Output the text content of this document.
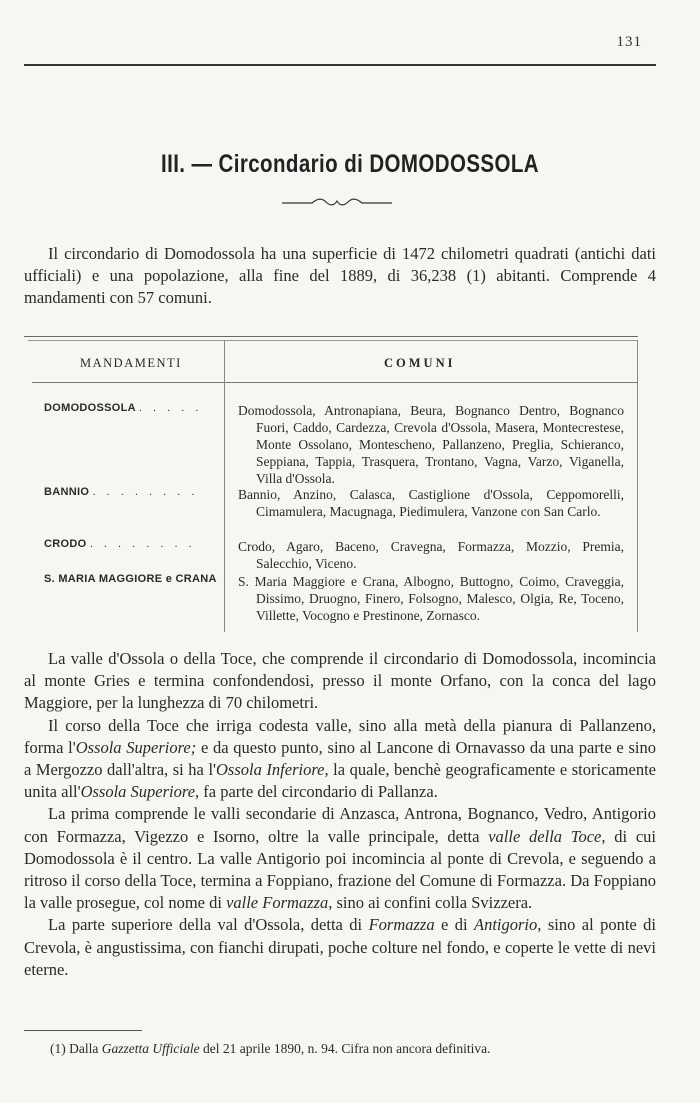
131
III. — Circondario di DOMODOSSOLA

Il circondario di Domodossola ha una superficie di 1472 chilometri quadrati (antichi dati ufficiali) e una popolazione, alla fine del 1889, di 36,238 (1) abitanti. Comprende 4 mandamenti con 57 comuni.

MANDAMENTI	COMUNI
DOMODOSSOLA . . . . .	Domodossola, Antronapiana, Beura, Bognanco Dentro, Bognanco Fuori, Caddo, Cardezza, Crevola d'Ossola, Masera, Montecrestese, Monte Ossolano, Montescheno, Pallanzeno, Preglia, Schieranco, Seppiana, Tappia, Trasquera, Trontano, Vagna, Varzo, Viganella, Villa d'Ossola.
BANNIO . . . . . . . .	Bannio, Anzino, Calasca, Castiglione d'Ossola, Ceppomorelli, Cimamulera, Macugnaga, Piedimulera, Vanzone con San Carlo.
CRODO . . . . . . . .	Crodo, Agaro, Baceno, Cravegna, Formazza, Mozzio, Premia, Salecchio, Viceno.
S. MARIA MAGGIORE e CRANA	S. Maria Maggiore e Crana, Albogno, Buttogno, Coimo, Craveggia, Dissimo, Druogno, Finero, Folsogno, Malesco, Olgia, Re, Toceno, Villette, Vocogno e Prestinone, Zornasco.

La valle d'Ossola o della Toce, che comprende il circondario di Domodossola, incomincia al monte Gries e termina confondendosi, presso il monte Orfano, con la conca del lago Maggiore, per la lunghezza di 70 chilometri.

Il corso della Toce che irriga codesta valle, sino alla metà della pianura di Pallanzeno, forma l'Ossola Superiore; e da questo punto, sino al Lancone di Ornavasso da una parte e sino a Mergozzo dall'altra, si ha l'Ossola Inferiore, la quale, benchè geograficamente e storicamente unita all'Ossola Superiore, fa parte del circondario di Pallanza.

La prima comprende le valli secondarie di Anzasca, Antrona, Bognanco, Vedro, Antigorio con Formazza, Vigezzo e Isorno, oltre la valle principale, detta valle della Toce, di cui Domodossola è il centro. La valle Antigorio poi incomincia al ponte di Crevola, e seguendo a ritroso il corso della Toce, termina a Foppiano, frazione del Comune di Formazza. Da Foppiano la valle prosegue, col nome di valle Formazza, sino ai confini colla Svizzera.

La parte superiore della val d'Ossola, detta di Formazza e di Antigorio, sino al ponte di Crevola, è angustissima, con fianchi dirupati, poche colture nel fondo, e coperte le vette di nevi eterne.

(1) Dalla Gazzetta Ufficiale del 21 aprile 1890, n. 94. Cifra non ancora definitiva.
